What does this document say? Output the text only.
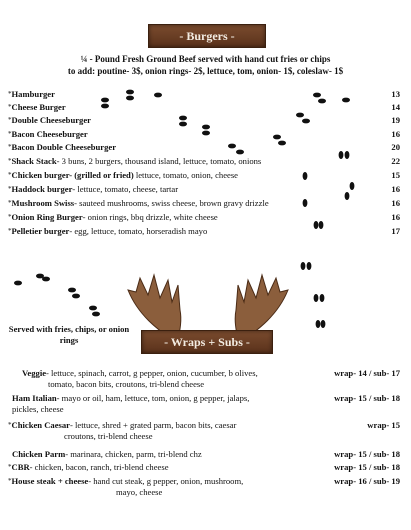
- Burgers -
¼ - Pound Fresh Ground Beef served with hand cut fries or chips
to add: poutine- 3$, onion rings- 2$, lettuce, tom, onion- 1$, coleslaw- 1$
*Hamburger	13
*Cheese Burger	14
*Double Cheeseburger	19
*Bacon Cheeseburger	16
*Bacon Double Cheeseburger	20
*Shack Stack- 3 buns, 2 burgers, thousand island, lettuce, tomato, onions	22
*Chicken burger- (grilled or fried) lettuce, tomato, onion, cheese	15
*Haddock burger- lettuce, tomato, cheese, tartar	16
*Mushroom Swiss- sauteed mushrooms, swiss cheese, brown gravy drizzle	16
*Onion Ring Burger- onion rings, bbq drizzle, white cheese	16
*Pelletier burger- egg, lettuce, tomato, horseradish mayo	17
Served with fries, chips, or onion rings	- Wraps + Subs -
Veggie- lettuce, spinach, carrot, g pepper, onion, cucumber, b olives,
tomato, bacon bits, croutons, tri-blend cheese
wrap- 14 / sub- 17
Ham Italian- mayo or oil, ham, lettuce, tom, onion, g pepper, jalaps,
pickles, cheese
wrap- 15 / sub- 18
*Chicken Caesar- lettuce, shred + grated parm, bacon bits, caesar
croutons, tri-blend cheese
wrap- 15
Chicken Parm- marinara, chicken, parm, tri-blend chz	wrap- 15 / sub- 18
*CBR- chicken, bacon, ranch, tri-blend cheese	wrap- 15 / sub- 18
*House steak + cheese- hand cut steak, g pepper, onion, mushroom,
mayo, cheese
wrap- 16 / sub- 19
